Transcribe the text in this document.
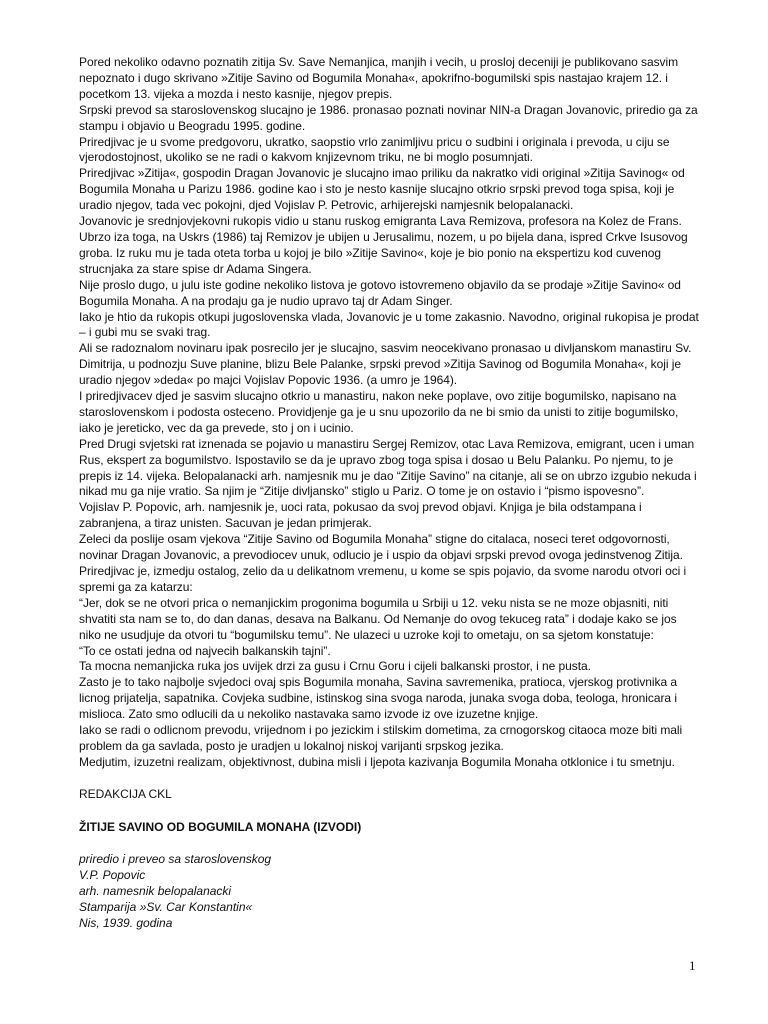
Pored nekoliko odavno poznatih zitija Sv. Save Nemanjica, manjih i vecih, u prosloj deceniji je publikovano sasvim nepoznato i dugo skrivano »Zitije Savino od Bogumila Monaha«, apokrifno-bogumilski spis nastajao krajem 12. i pocetkom 13. vijeka a mozda i nesto kasnije, njegov prepis.

Srpski prevod sa staroslovenskog slucajno je 1986. pronasao poznati novinar NIN-a Dragan Jovanovic, priredio ga za stampu i objavio u Beogradu 1995. godine.

Priredjivac je u svome predgovoru, ukratko, saopstio vrlo zanimljivu pricu o sudbini i originala i prevoda, u ciju se vjerodostojnost, ukoliko se ne radi o kakvom knjizevnom triku, ne bi moglo posumnjati.

Priredjivac »Zitija«, gospodin Dragan Jovanovic je slucajno imao priliku da nakratko vidi original »Zitija Savinog« od Bogumila Monaha u Parizu 1986. godine kao i sto je nesto kasnije slucajno otkrio srpski prevod toga spisa, koji je uradio njegov, tada vec pokojni, djed Vojislav P. Petrovic, arhijerejski namjesnik belopalanacki.

Jovanovic je srednjovjekovni rukopis vidio u stanu ruskog emigranta Lava Remizova, profesora na Kolez de Frans. Ubrzo iza toga, na Uskrs (1986) taj Remizov je ubijen u Jerusalimu, nozem, u po bijela dana, ispred Crkve Isusovog groba. Iz ruku mu je tada oteta torba u kojoj je bilo »Zitije Savino«, koje je bio ponio na ekspertizu kod cuvenog strucnjaka za stare spise dr Adama Singera.

Nije proslo dugo, u julu iste godine nekoliko listova je gotovo istovremeno objavilo da se prodaje »Zitije Savino« od Bogumila Monaha. A na prodaju ga je nudio upravo taj dr Adam Singer.

Iako je htio da rukopis otkupi jugoslovenska vlada, Jovanovic je u tome zakasnio. Navodno, original rukopisa je prodat – i gubi mu se svaki trag.

Ali se radoznalom novinaru ipak posrecilo jer je slucajno, sasvim neocekivano pronasao u divljanskom manastiru Sv. Dimitrija, u podnozju Suve planine, blizu Bele Palanke, srpski prevod »Zitija Savinog od Bogumila Monaha«, koji je uradio njegov »deda« po majci Vojislav Popovic 1936. (a umro je 1964).

I priredjivacev djed je sasvim slucajno otkrio u manastiru, nakon neke poplave, ovo zitije bogumilsko, napisano na staroslovenskom i podosta osteceno. Providjenje ga je u snu upozorilo da ne bi smio da unisti to zitije bogumilsko, iako je jereticko, vec da ga prevede, sto j on i ucinio.

Pred Drugi svjetski rat iznenada se pojavio u manastiru Sergej Remizov, otac Lava Remizova, emigrant, ucen i uman Rus, ekspert za bogumilstvo. Ispostavilo se da je upravo zbog toga spisa i dosao u Belu Palanku. Po njemu, to je prepis iz 14. vijeka. Belopalanacki arh. namjesnik mu je dao “Zitije Savino” na citanje, ali se on ubrzo izgubio nekuda i nikad mu ga nije vratio. Sa njim je “Zitije divljansko” stiglo u Pariz. O tome je on ostavio i “pismo ispovesno”.

Vojislav P. Popovic, arh. namjesnik je, uoci rata, pokusao da svoj prevod objavi. Knjiga je bila odstampana i zabranjena, a tiraz unisten. Sacuvan je jedan primjerak.

Zeleci da poslije osam vjekova “Zitije Savino od Bogumila Monaha” stigne do citalaca, noseci teret odgovornosti, novinar Dragan Jovanovic, a prevodiocev unuk, odlucio je i uspio da objavi srpski prevod ovoga jedinstvenog Zitija.

Priredjivac je, izmedju ostalog, zelio da u delikatnom vremenu, u kome se spis pojavio, da svome narodu otvori oci i spremi ga za katarzu:

“Jer, dok se ne otvori prica o nemanjickim progonima bogumila u Srbiji u 12. veku nista se ne moze objasniti, niti shvatiti sta nam se to, do dan danas, desava na Balkanu. Od Nemanje do ovog tekuceg rata” i dodaje kako se jos niko ne usudjuje da otvori tu “bogumilsku temu”. Ne ulazeci u uzroke koji to ometaju, on sa sjetom konstatuje:

“To ce ostati jedna od najvecih balkanskih tajni”.

Ta mocna nemanjicka ruka jos uvijek drzi za gusu i Crnu Goru i cijeli balkanski prostor, i ne pusta.

Zasto je to tako najbolje svjedoci ovaj spis Bogumila monaha, Savina savremenika, pratioca, vjerskog protivnika a licnog prijatelja, sapatnika. Covjeka sudbine, istinskog sina svoga naroda, junaka svoga doba, teologa, hronicara i mislioca. Zato smo odlucili da u nekoliko nastavaka samo izvode iz ove izuzetne knjige.

Iako se radi o odlicnom prevodu, vrijednom i po jezickim i stilskim dometima, za crnogorskog citaoca moze biti mali problem da ga savlada, posto je uradjen u lokalnoj niskoj varijanti srpskog jezika.

Medjutim, izuzetni realizam, objektivnost, dubina misli i ljepota kazivanja Bogumila Monaha otklonice i tu smetnju.

REDAKCIJA CKL

ŽITIJE SAVINO OD BOGUMILA MONAHA (IZVODI)

priredio i preveo sa staroslovenskog

V.P. Popovic

arh. namesnik belopalanacki

Stamparija »Sv. Car Konstantin«

Nis, 1939. godina

1
